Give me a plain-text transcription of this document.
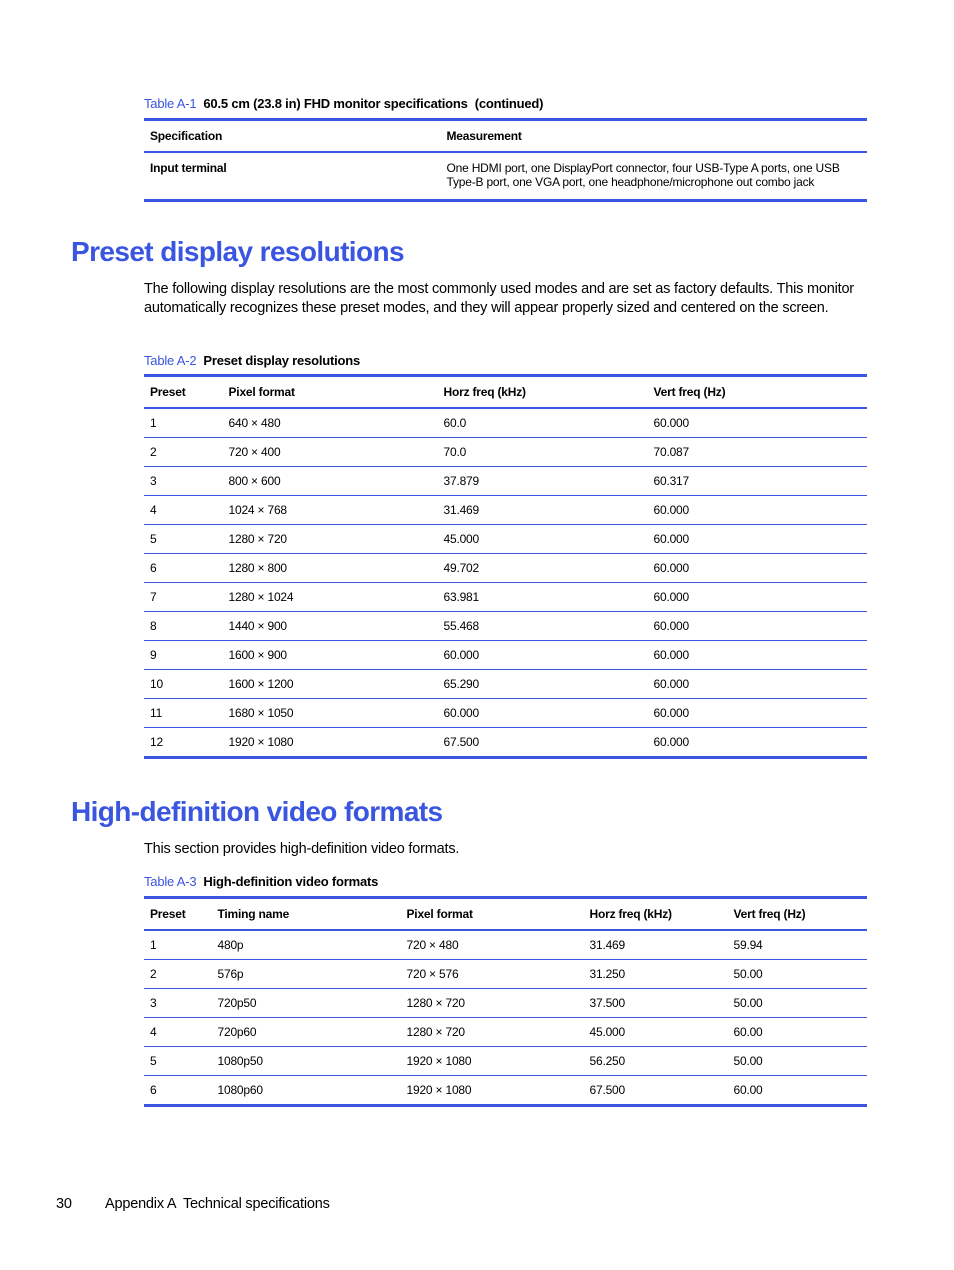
Table A-1 60.5 cm (23.8 in) FHD monitor specifications (continued)
Specification	Measurement
Input terminal	One HDMI port, one DisplayPort connector, four USB-Type A ports, one USB Type-B port, one VGA port, one headphone/microphone out combo jack
Preset display resolutions

The following display resolutions are the most commonly used modes and are set as factory defaults. This monitor automatically recognizes these preset modes, and they will appear properly sized and centered on the screen.

Table A-2 Preset display resolutions
Preset	Pixel format	Horz freq (kHz)	Vert freq (Hz)
1	640 × 480	60.0	60.000
2	720 × 400	70.0	70.087
3	800 × 600	37.879	60.317
4	1024 × 768	31.469	60.000
5	1280 × 720	45.000	60.000
6	1280 × 800	49.702	60.000
7	1280 × 1024	63.981	60.000
8	1440 × 900	55.468	60.000
9	1600 × 900	60.000	60.000
10	1600 × 1200	65.290	60.000
11	1680 × 1050	60.000	60.000
12	1920 × 1080	67.500	60.000
High-definition video formats

This section provides high-definition video formats.

Table A-3 High-definition video formats
Preset	Timing name	Pixel format	Horz freq (kHz)	Vert freq (Hz)
1	480p	720 × 480	31.469	59.94
2	576p	720 × 576	31.250	50.00
3	720p50	1280 × 720	37.500	50.00
4	720p60	1280 × 720	45.000	60.00
5	1080p50	1920 × 1080	56.250	50.00
6	1080p60	1920 × 1080	67.500	60.00
30 Appendix A  Technical specifications
